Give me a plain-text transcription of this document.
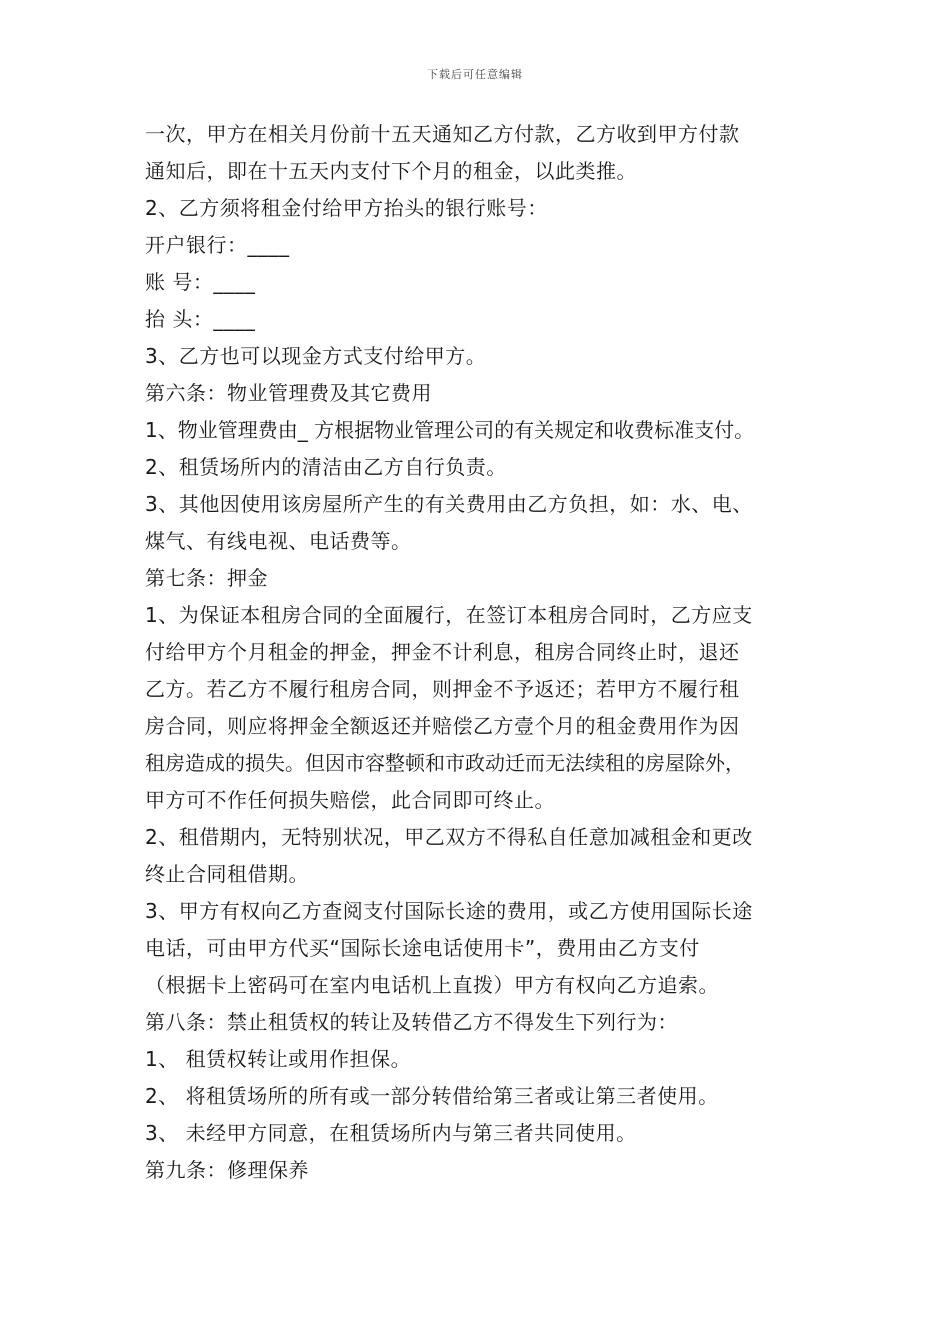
下载后可任意编辑
一次，甲方在相关月份前十五天通知乙方付款，乙方收到甲方付款
通知后，即在十五天内支付下个月的租金，以此类推。
2、乙方须将租金付给甲方抬头的银行账号：
开户银行：____
账 号：____
抬 头：____
3、乙方也可以现金方式支付给甲方。
第六条：物业管理费及其它费用
1、物业管理费由_ 方根据物业管理公司的有关规定和收费标准支付。
2、租赁场所内的清洁由乙方自行负责。
3、其他因使用该房屋所产生的有关费用由乙方负担，如：水、电、
煤气、有线电视、电话费等。
第七条：押金
1、为保证本租房合同的全面履行，在签订本租房合同时，乙方应支
付给甲方个月租金的押金，押金不计利息，租房合同终止时，退还
乙方。若乙方不履行租房合同，则押金不予返还；若甲方不履行租
房合同，则应将押金全额返还并赔偿乙方壹个月的租金费用作为因
租房造成的损失。但因市容整顿和市政动迁而无法续租的房屋除外，
甲方可不作任何损失赔偿，此合同即可终止。
2、租借期内，无特别状况，甲乙双方不得私自任意加减租金和更改
终止合同租借期。
3、甲方有权向乙方查阅支付国际长途的费用，或乙方使用国际长途
电话，可由甲方代买“国际长途电话使用卡”，费用由乙方支付
（根据卡上密码可在室内电话机上直拨）甲方有权向乙方追索。
第八条：禁止租赁权的转让及转借乙方不得发生下列行为：
1、 租赁权转让或用作担保。
2、 将租赁场所的所有或一部分转借给第三者或让第三者使用。
3、 未经甲方同意，在租赁场所内与第三者共同使用。
第九条：修理保养
